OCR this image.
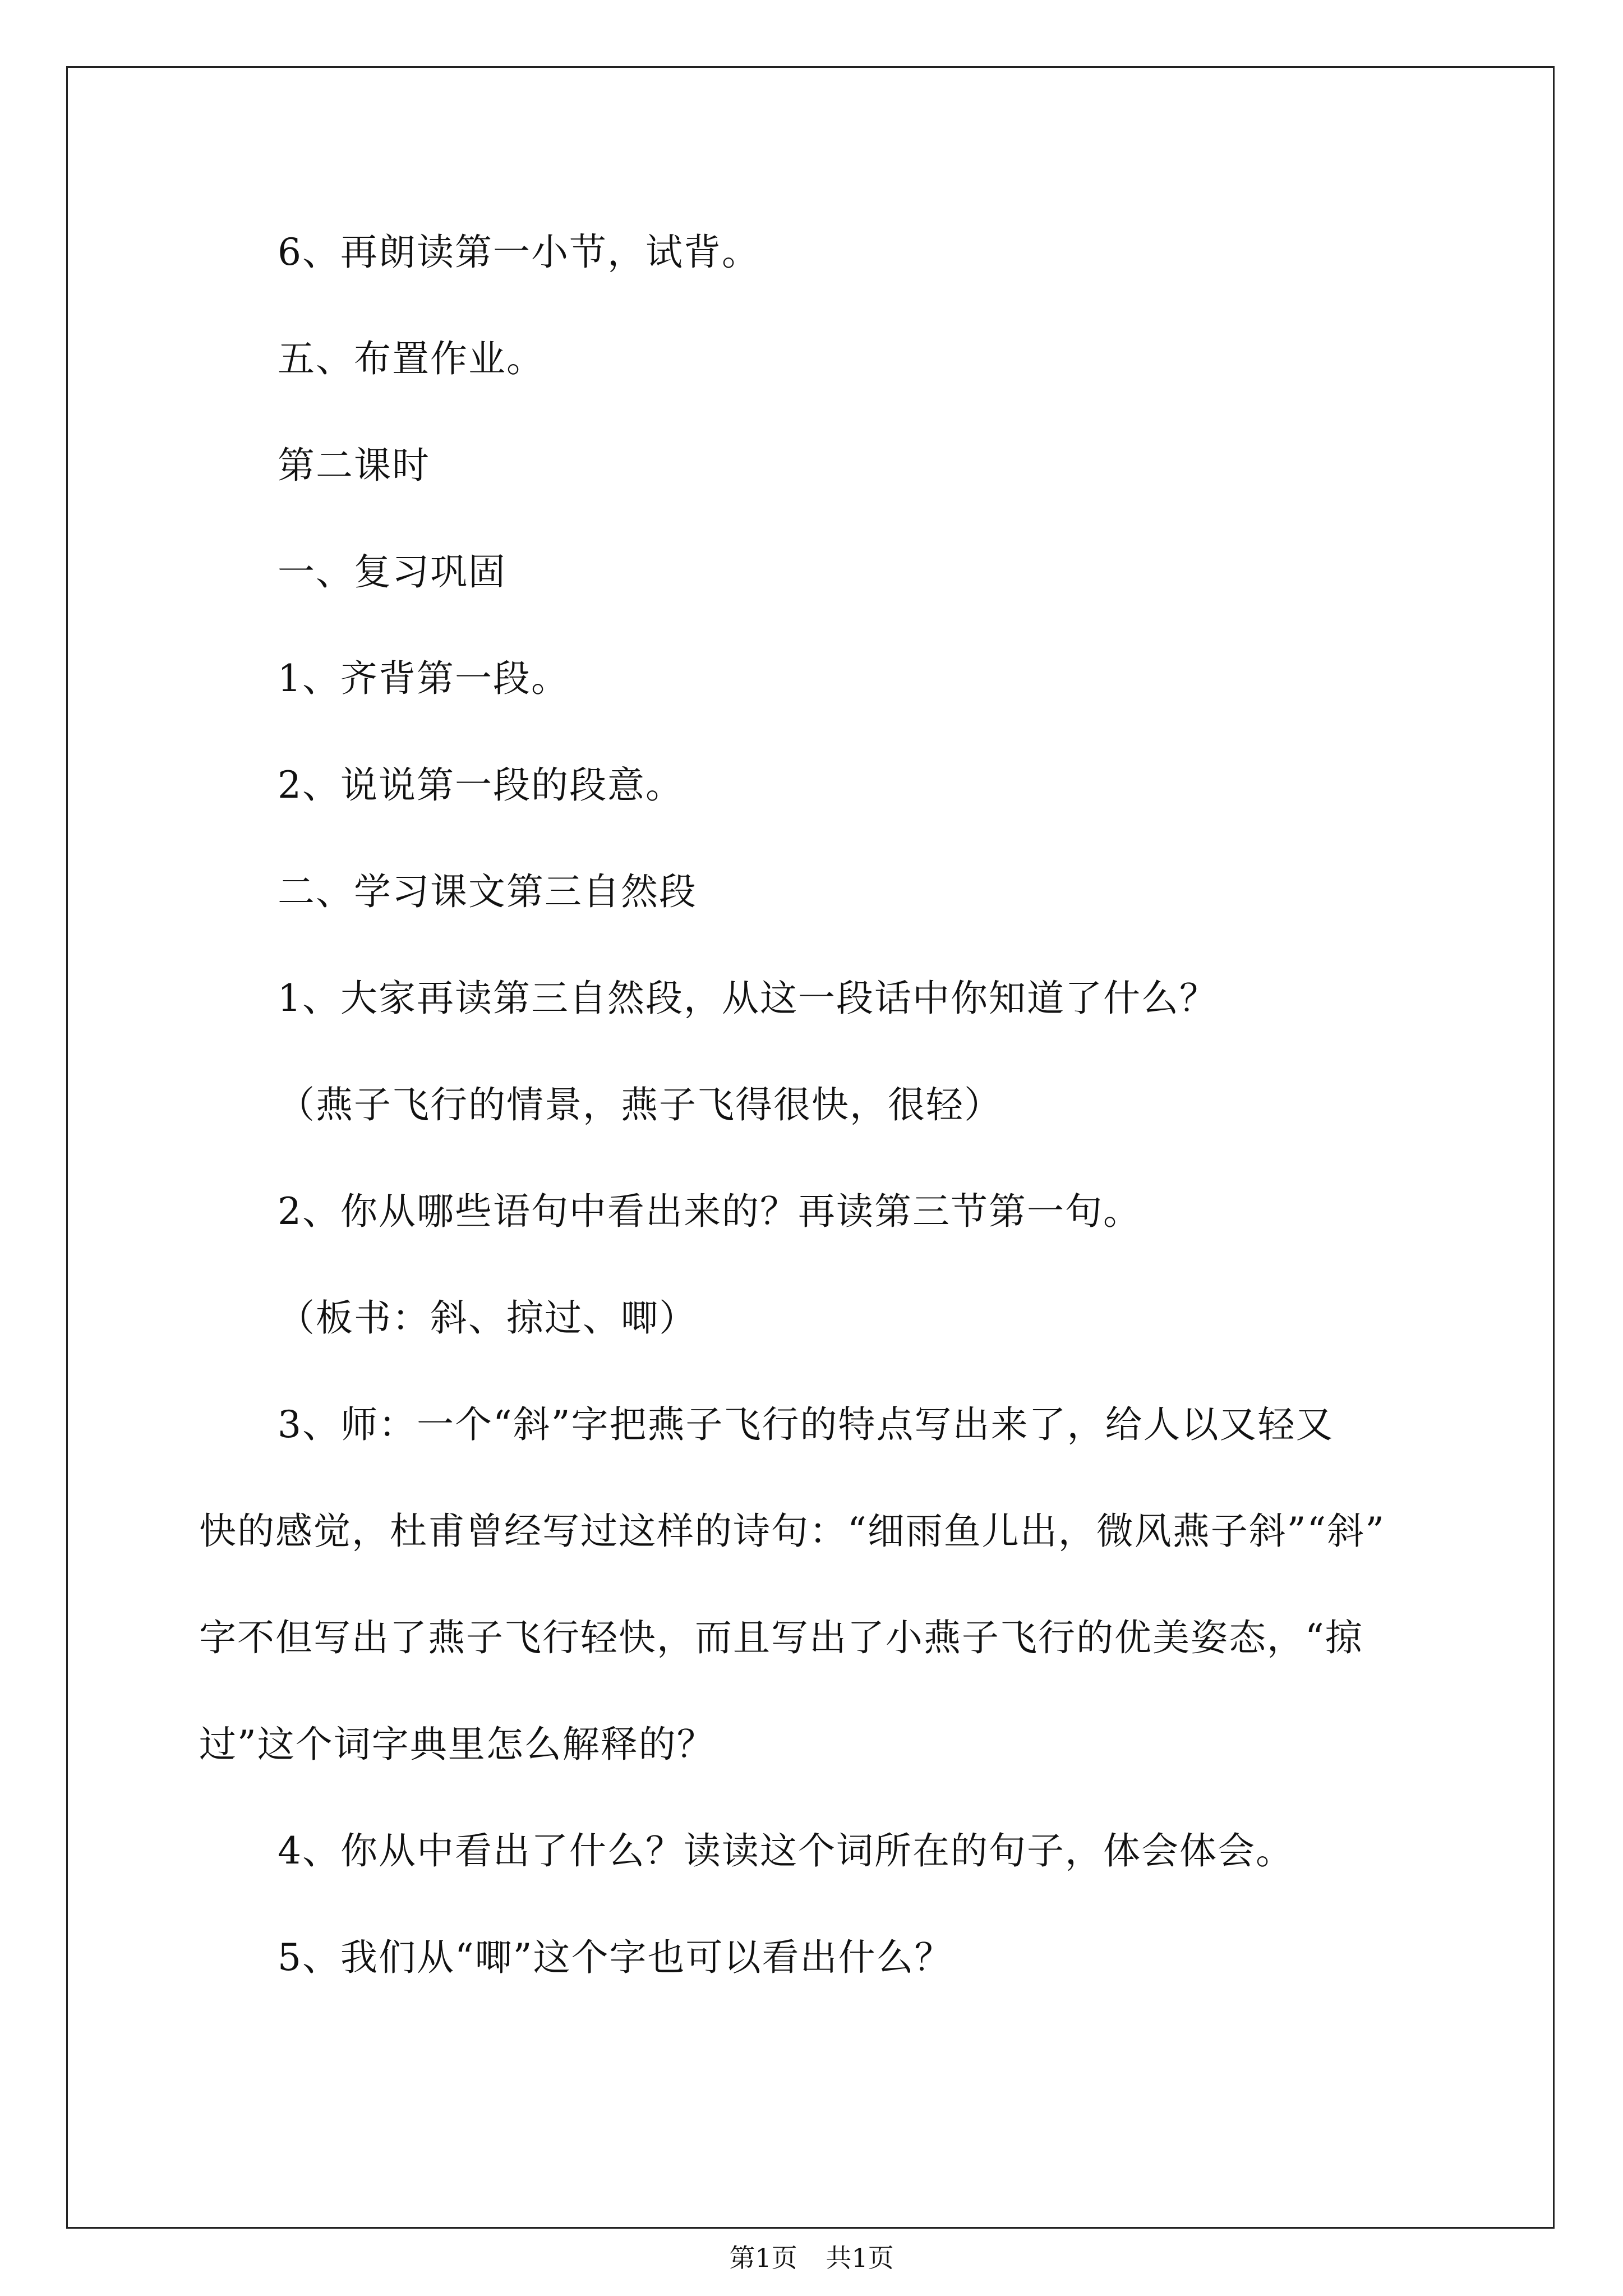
6、再朗读第一小节，试背。
五、布置作业。
第二课时
一、复习巩固
1、齐背第一段。
2、说说第一段的段意。
二、学习课文第三自然段
1、大家再读第三自然段，从这一段话中你知道了什么？
（燕子飞行的情景，燕子飞得很快，很轻）
2、你从哪些语句中看出来的？再读第三节第一句。
（板书：斜、掠过、唧）
3、师：一个“斜”字把燕子飞行的特点写出来了，给人以又轻又
快的感觉，杜甫曾经写过这样的诗句：“细雨鱼儿出，微风燕子斜”“斜”
字不但写出了燕子飞行轻快，而且写出了小燕子飞行的优美姿态，“掠
过”这个词字典里怎么解释的？
4、你从中看出了什么？读读这个词所在的句子，体会体会。
5、我们从“唧”这个字也可以看出什么？
第1页 共1页
